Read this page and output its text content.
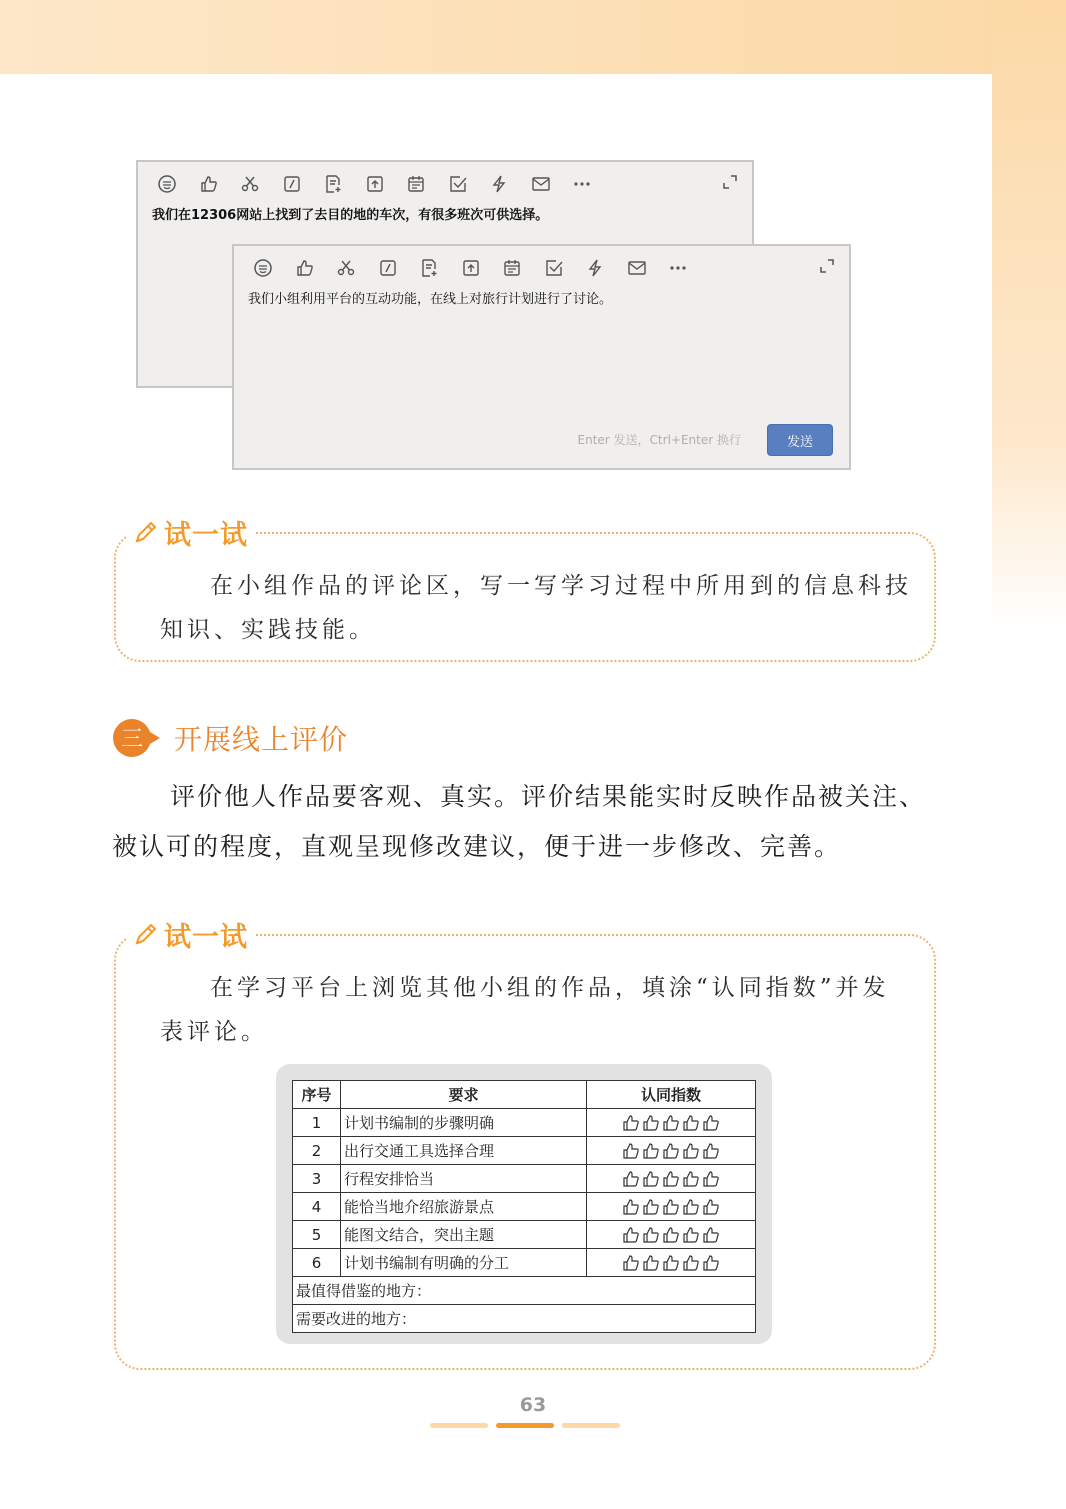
我们在12306网站上找到了去目的地的车次，有很多班次可供选择。
我们小组利用平台的互动功能，在线上对旅行计划进行了讨论。
Enter 发送，Ctrl+Enter 换行	发送
试一试
在小组作品的评论区，写一写学习过程中所用到的信息科技知识、实践技能。
三 开展线上评价
评价他人作品要客观、真实。评价结果能实时反映作品被关注、被认可的程度，直观呈现修改建议，便于进一步修改、完善。
试一试
在学习平台上浏览其他小组的作品，填涂“认同指数”并发表评论。
序号	要求	认同指数
1	计划书编制的步骤明确	
2	出行交通工具选择合理	
3	行程安排恰当	
4	能恰当地介绍旅游景点	
5	能图文结合，突出主题	
6	计划书编制有明确的分工	
最值得借鉴的地方：		
需要改进的地方：		
63
